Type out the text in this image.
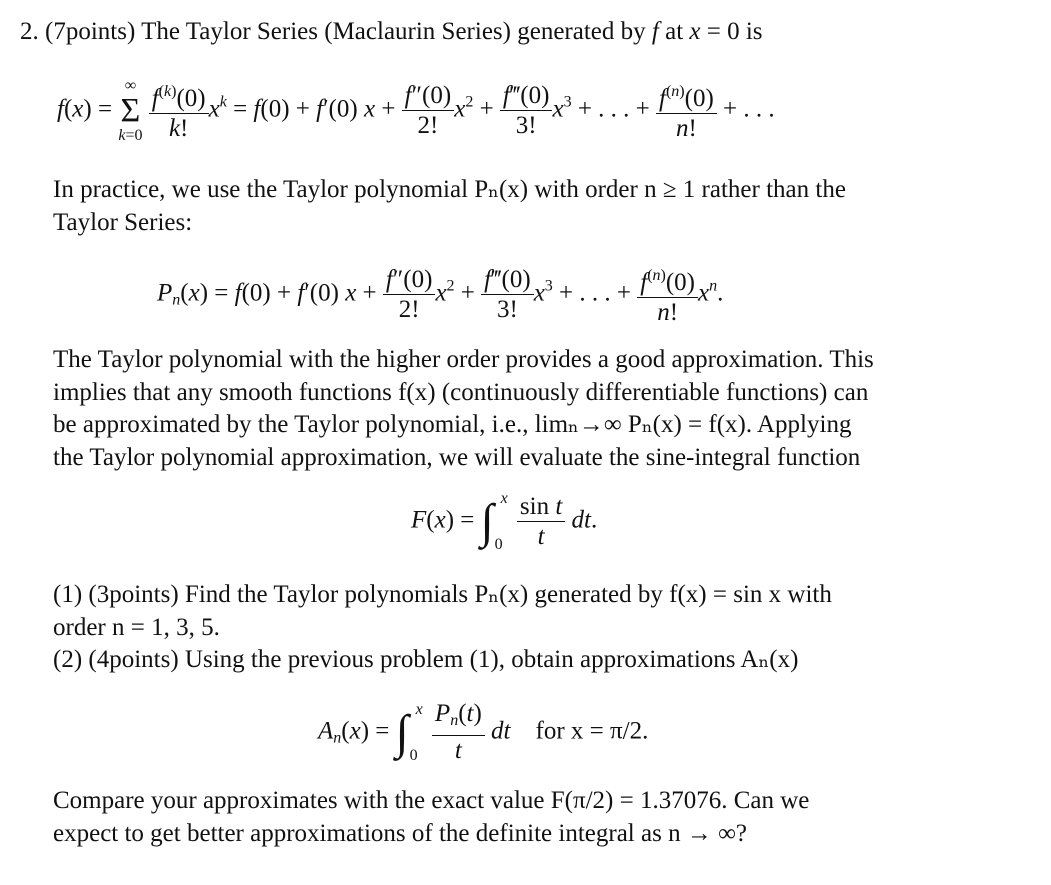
2. (7points) The Taylor Series (Maclaurin Series) generated by f at x = 0 is
f(x) =
∞
Σ
k=0
$\frac{f^{(k)}(0)}{k!} x^k = f(0) + f'(0) x + \frac{f''(0)}{2!} x^2 + \frac{f‴(0)}{3!} x^3$ + . . . + $\frac{f^{(n)}(0)}{n!}$ + . . .
In practice, we use the Taylor polynomial Pₙ(x) with order n ≥ 1 rather than the
Taylor Series:
$P_n(x) = f(0) + f'(0) x + \frac{f''(0)}{2!} x^2 + \frac{f‴(0)}{3!} x^3$ + . . . + $\frac{f^{(n)}(0)}{n!} x^n$.
The Taylor polynomial with the higher order provides a good approximation. This
implies that any smooth functions f(x) (continuously differentiable functions) can
be approximated by the Taylor polynomial, i.e., limₙ→∞ Pₙ(x) = f(x). Applying
the Taylor polynomial approximation, we will evaluate the sine-integral function
F(x) = ∫ x
0
$\frac{\text{sin t}}{t}$ dt.
(1) (3points) Find the Taylor polynomials Pₙ(x) generated by f(x) = sin x with
order n = 1, 3, 5.
(2) (4points) Using the previous problem (1), obtain approximations Aₙ(x)
$A_n(x)$ = ∫ x
0
$\frac{P_n(t)}{t}$ dt for x = π/2.
Compare your approximates with the exact value F(π/2) = 1.37076. Can we
expect to get better approximations of the definite integral as n → ∞?
